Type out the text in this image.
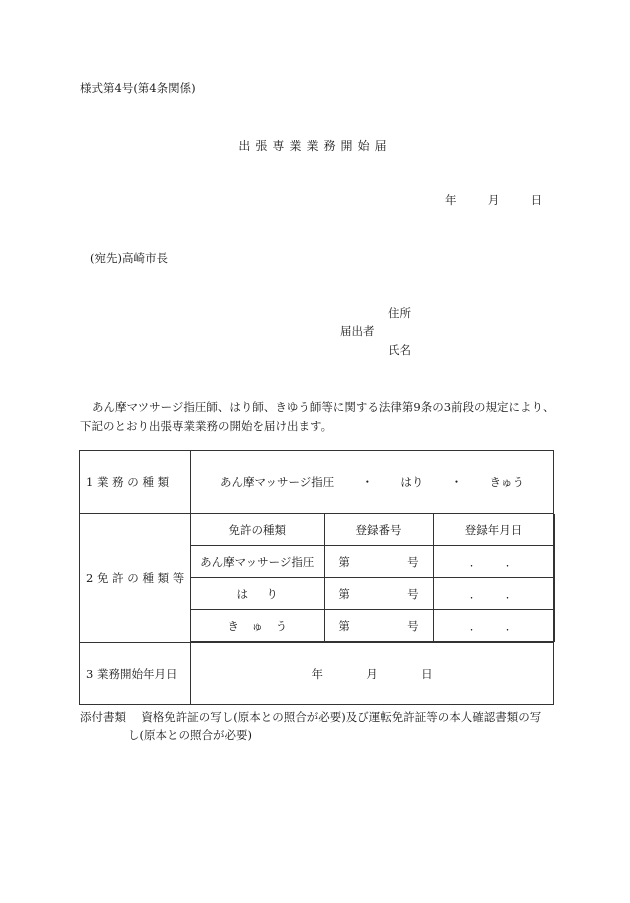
様式第4号(第4条関係)
出張専業業務開始届
年	月	日
(宛先)高崎市長
住所
届出者
氏名
あん摩マツサージ指圧師、はり師、きゆう師等に関する法律第9条の3前段の規定により、
下記のとおり出張専業業務の開始を届け出ます。
1 業 務 の 種 類	あん摩マッサージ指圧 ・ はり ・ きゅう
2 免 許 の 種 類 等	
免許の種類	登録番号	登録年月日
あん摩マッサージ指圧	第	号	． ．
はり	第	号	． ．
きゅう	第	号	． ．

3 業務開始年月日	年	月	日
添付書類 資格免許証の写し(原本との照合が必要)及び運転免許証等の本人確認書類の写
し(原本との照合が必要)
